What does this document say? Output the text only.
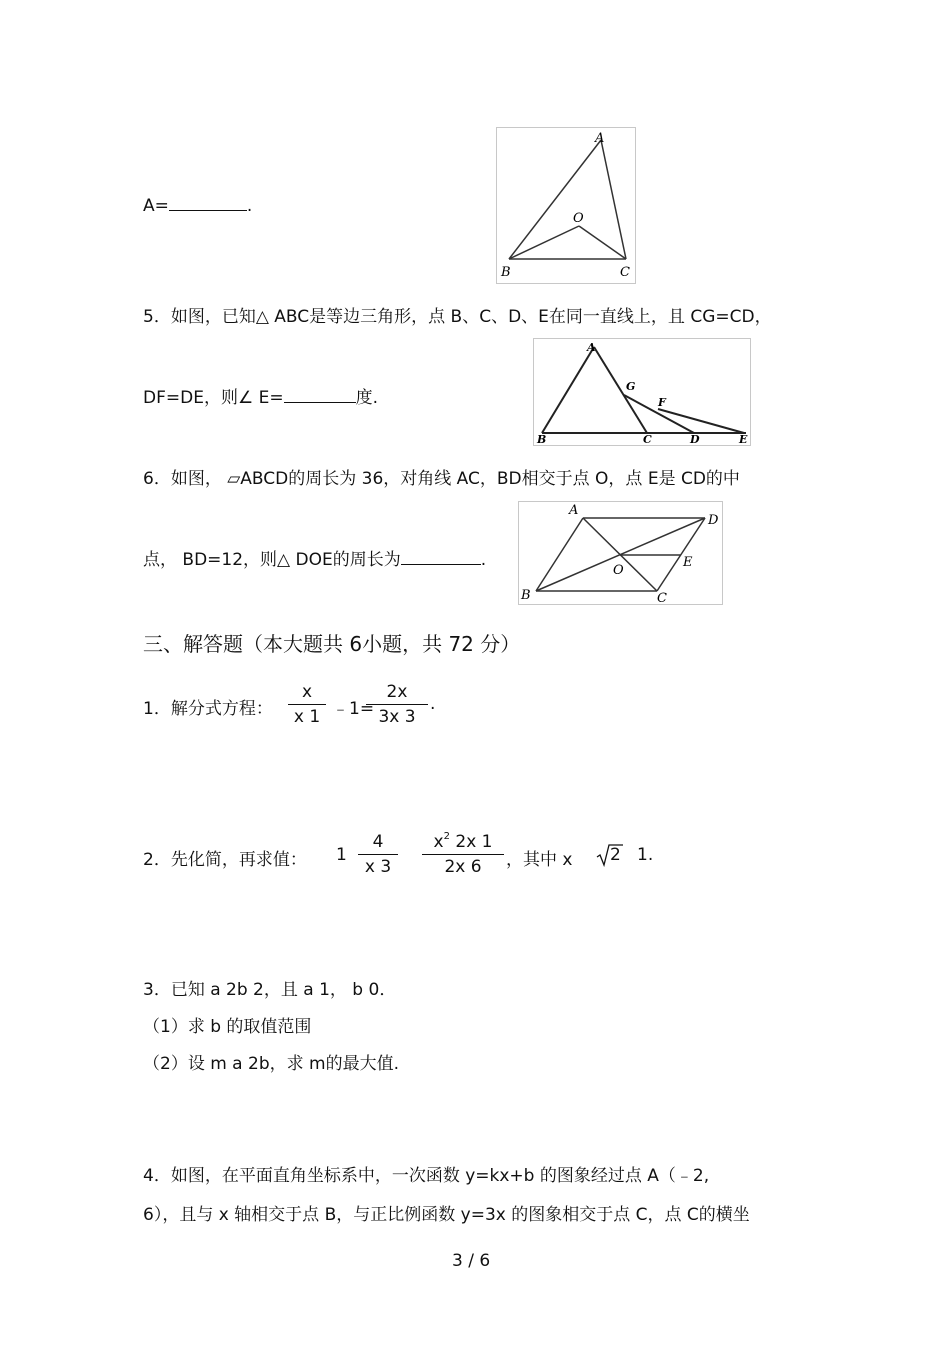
A=	.
A
O
B	C
5．如图，已知△ ABC是等边三角形，点 B、C、D、E在同一直线上，且 CG=CD，
DF=DE，则∠ E=	度.
A
G
F
B	C	D	E
6．如图， ▱ABCD的周长为 36，对角线 AC，BD相交于点 O，点 E是 CD的中
点， BD=12，则△ DOE的周长为	.
A
D
O
E
B	C
三、解答题（本大题共 6小题，共 72 分）
1．解分式方程：
x
x 1 ﹣1=
2x
3x 3
.
2．先化简，再求值： 1
4
x 3
$x^2$ 2x 1
2x 6	，其中 x 2 1.
3．已知 a 2b 2，且 a 1， b 0．
（1）求 b 的取值范围
（2）设 m a 2b，求 m的最大值.
4．如图，在平面直角坐标系中，一次函数 y=kx+b 的图象经过点 A（﹣2,
6），且与 x 轴相交于点 B，与正比例函数 y=3x 的图象相交于点 C，点 C的横坐
3 / 6
